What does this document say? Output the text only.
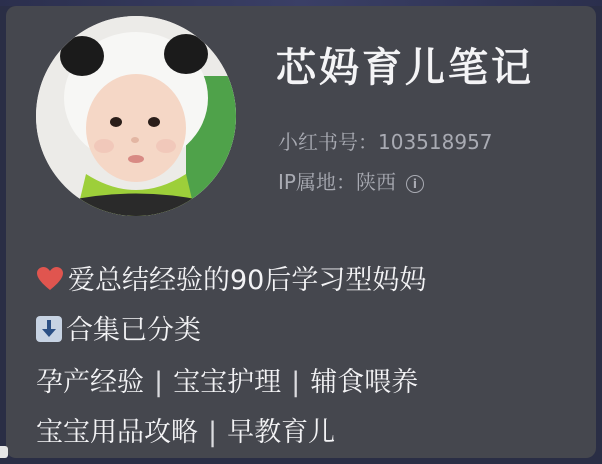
芯妈育儿笔记
小红书号：103518957
IP属地：陕西 i
爱总结经验的90后学习型妈妈
合集已分类
孕产经验 | 宝宝护理 | 辅食喂养
宝宝用品攻略 | 早教育儿
